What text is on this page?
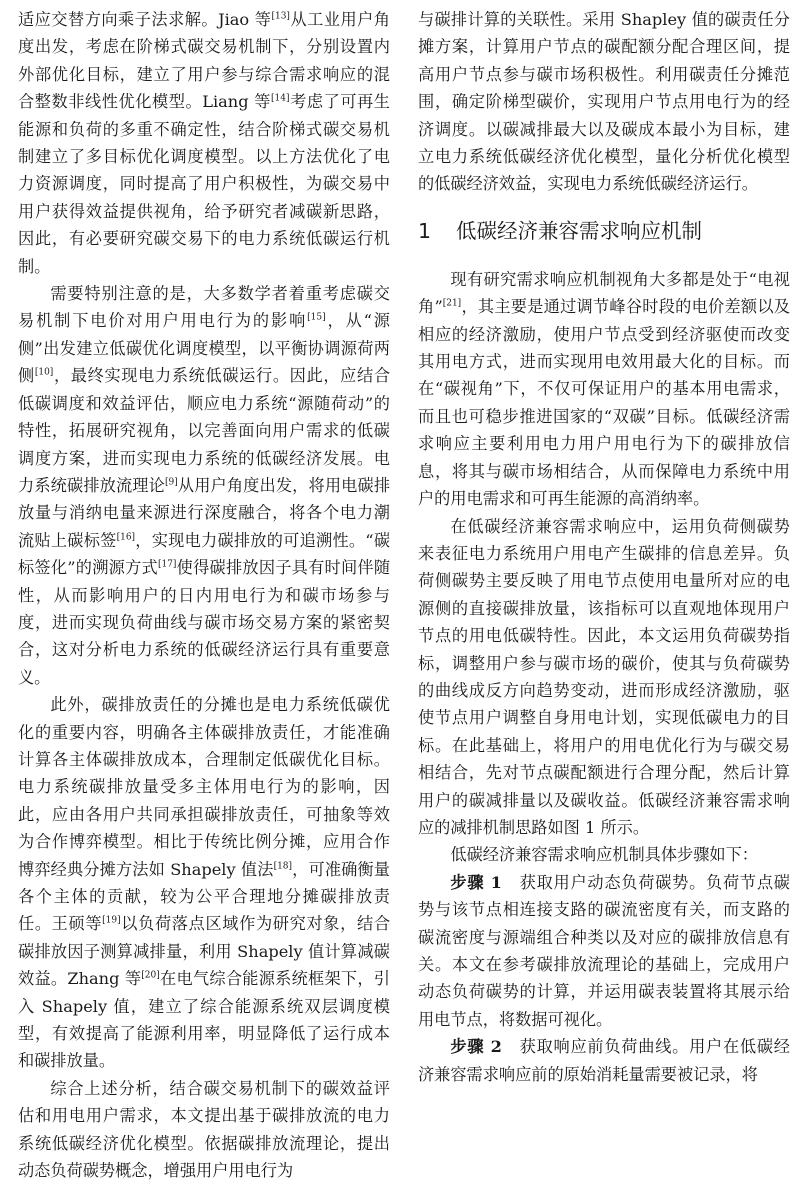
适应交替方向乘子法求解。Jiao 等[13]从工业用户角度出发，考虑在阶梯式碳交易机制下，分别设置内外部优化目标，建立了用户参与综合需求响应的混合整数非线性优化模型。Liang 等[14]考虑了可再生能源和负荷的多重不确定性，结合阶梯式碳交易机制建立了多目标优化调度模型。以上方法优化了电力资源调度，同时提高了用户积极性，为碳交易中用户获得效益提供视角，给予研究者减碳新思路，因此，有必要研究碳交易下的电力系统低碳运行机制。

需要特别注意的是，大多数学者着重考虑碳交易机制下电价对用户用电行为的影响[15]，从“源侧”出发建立低碳优化调度模型，以平衡协调源荷两侧[10]，最终实现电力系统低碳运行。因此，应结合低碳调度和效益评估，顺应电力系统“源随荷动”的特性，拓展研究视角，以完善面向用户需求的低碳调度方案，进而实现电力系统的低碳经济发展。电力系统碳排放流理论[9]从用户角度出发，将用电碳排放量与消纳电量来源进行深度融合，将各个电力潮流贴上碳标签[16]，实现电力碳排放的可追溯性。“碳标签化”的溯源方式[17]使得碳排放因子具有时间伴随性，从而影响用户的日内用电行为和碳市场参与度，进而实现负荷曲线与碳市场交易方案的紧密契合，这对分析电力系统的低碳经济运行具有重要意义。

此外，碳排放责任的分摊也是电力系统低碳优化的重要内容，明确各主体碳排放责任，才能准确计算各主体碳排放成本，合理制定低碳优化目标。电力系统碳排放量受多主体用电行为的影响，因此，应由各用户共同承担碳排放责任，可抽象等效为合作博弈模型。相比于传统比例分摊，应用合作博弈经典分摊方法如 Shapely 值法[18]，可准确衡量各个主体的贡献，较为公平合理地分摊碳排放责任。王硕等[19]以负荷落点区域作为研究对象，结合碳排放因子测算减排量，利用 Shapely 值计算减碳效益。Zhang 等[20]在电气综合能源系统框架下，引入 Shapely 值，建立了综合能源系统双层调度模型，有效提高了能源利用率，明显降低了运行成本和碳排放量。

综合上述分析，结合碳交易机制下的碳效益评估和用电用户需求，本文提出基于碳排放流的电力系统低碳经济优化模型。依据碳排放流理论，提出动态负荷碳势概念，增强用户用电行为

与碳排计算的关联性。采用 Shapley 值的碳责任分摊方案，计算用户节点的碳配额分配合理区间，提高用户节点参与碳市场积极性。利用碳责任分摊范围，确定阶梯型碳价，实现用户节点用电行为的经济调度。以碳减排最大以及碳成本最小为目标，建立电力系统低碳经济优化模型，量化分析优化模型的低碳经济效益，实现电力系统低碳经济运行。

1 低碳经济兼容需求响应机制

现有研究需求响应机制视角大多都是处于“电视角”[21]，其主要是通过调节峰谷时段的电价差额以及相应的经济激励，使用户节点受到经济驱使而改变其用电方式，进而实现用电效用最大化的目标。而在“碳视角”下，不仅可保证用户的基本用电需求，而且也可稳步推进国家的“双碳”目标。低碳经济需求响应主要利用电力用户用电行为下的碳排放信息，将其与碳市场相结合，从而保障电力系统中用户的用电需求和可再生能源的高消纳率。

在低碳经济兼容需求响应中，运用负荷侧碳势来表征电力系统用户用电产生碳排的信息差异。负荷侧碳势主要反映了用电节点使用电量所对应的电源侧的直接碳排放量，该指标可以直观地体现用户节点的用电低碳特性。因此，本文运用负荷碳势指标，调整用户参与碳市场的碳价，使其与负荷碳势的曲线成反方向趋势变动，进而形成经济激励，驱使节点用户调整自身用电计划，实现低碳电力的目标。在此基础上，将用户的用电优化行为与碳交易相结合，先对节点碳配额进行合理分配，然后计算用户的碳减排量以及碳收益。低碳经济兼容需求响应的减排机制思路如图 1 所示。

低碳经济兼容需求响应机制具体步骤如下：

步骤 1　获取用户动态负荷碳势。负荷节点碳势与该节点相连接支路的碳流密度有关，而支路的碳流密度与源端组合种类以及对应的碳排放信息有关。本文在参考碳排放流理论的基础上，完成用户动态负荷碳势的计算，并运用碳表装置将其展示给用电节点，将数据可视化。

步骤 2　获取响应前负荷曲线。用户在低碳经济兼容需求响应前的原始消耗量需要被记录，将
